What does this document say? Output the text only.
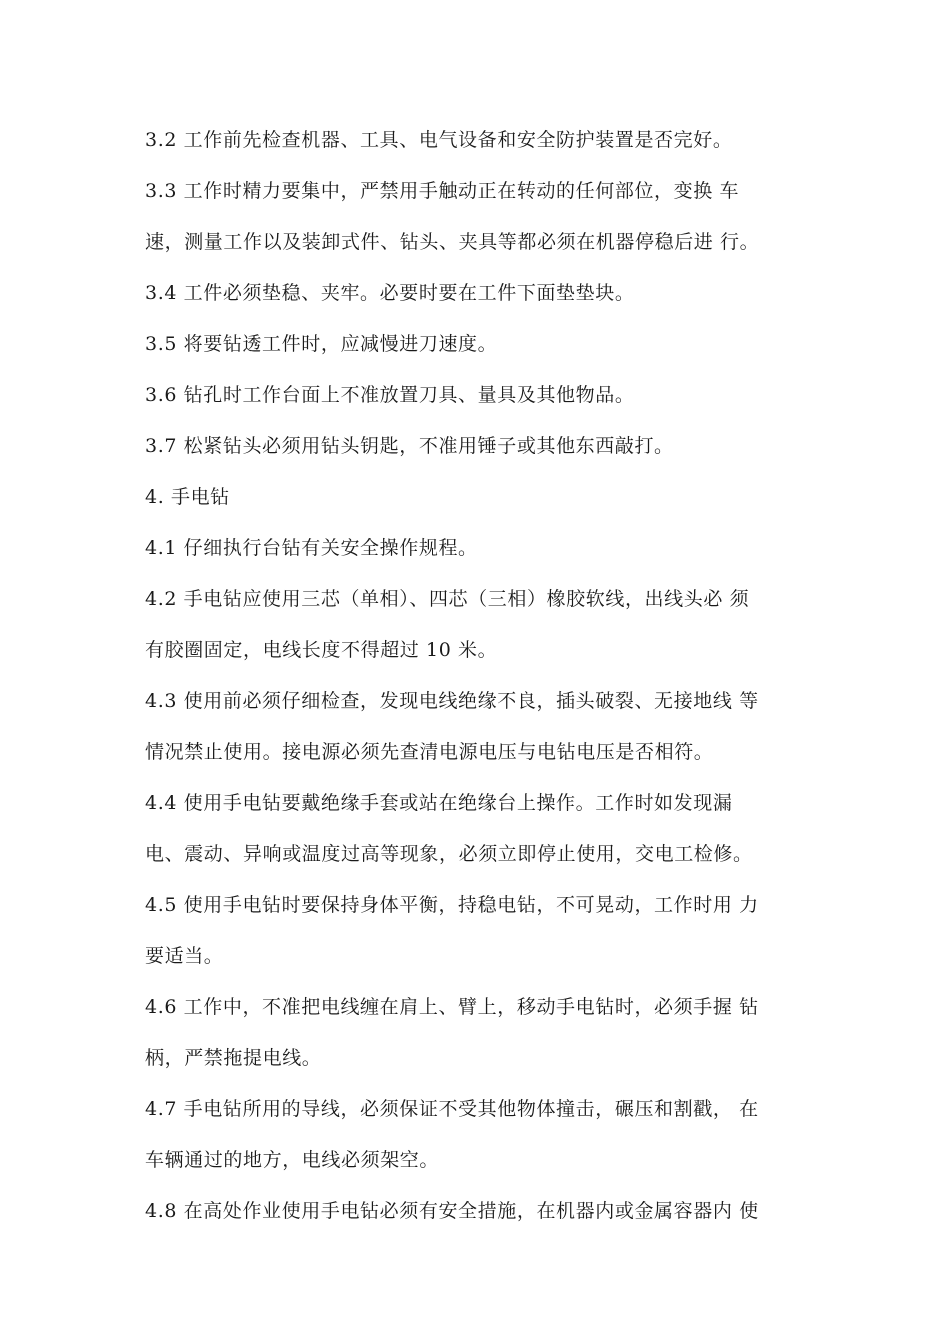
3.2 工作前先检查机器、工具、电气设备和安全防护装置是否完好。
3.3 工作时精力要集中，严禁用手触动正在转动的任何部位，变换 车
速，测量工作以及装卸式件、钻头、夹具等都必须在机器停稳后进 行。
3.4 工件必须垫稳、夹牢。必要时要在工件下面垫垫块。
3.5 将要钻透工件时，应减慢进刀速度。
3.6 钻孔时工作台面上不准放置刀具、量具及其他物品。
3.7 松紧钻头必须用钻头钥匙，不准用锤子或其他东西敲打。
4. 手电钻
4.1 仔细执行台钻有关安全操作规程。
4.2 手电钻应使用三芯（单相）、四芯（三相）橡胶软线，出线头必 须
有胶圈固定，电线长度不得超过 10 米。
4.3 使用前必须仔细检查，发现电线绝缘不良，插头破裂、无接地线 等
情况禁止使用。接电源必须先查清电源电压与电钻电压是否相符。
4.4 使用手电钻要戴绝缘手套或站在绝缘台上操作。工作时如发现漏
电、震动、异响或温度过高等现象，必须立即停止使用，交电工检修。
4.5 使用手电钻时要保持身体平衡，持稳电钻，不可晃动，工作时用 力
要适当。
4.6 工作中，不准把电线缠在肩上、臂上，移动手电钻时，必须手握 钻
柄，严禁拖提电线。
4.7 手电钻所用的导线，必须保证不受其他物体撞击，碾压和割戳， 在
车辆通过的地方，电线必须架空。
4.8 在高处作业使用手电钻必须有安全措施，在机器内或金属容器内 使
